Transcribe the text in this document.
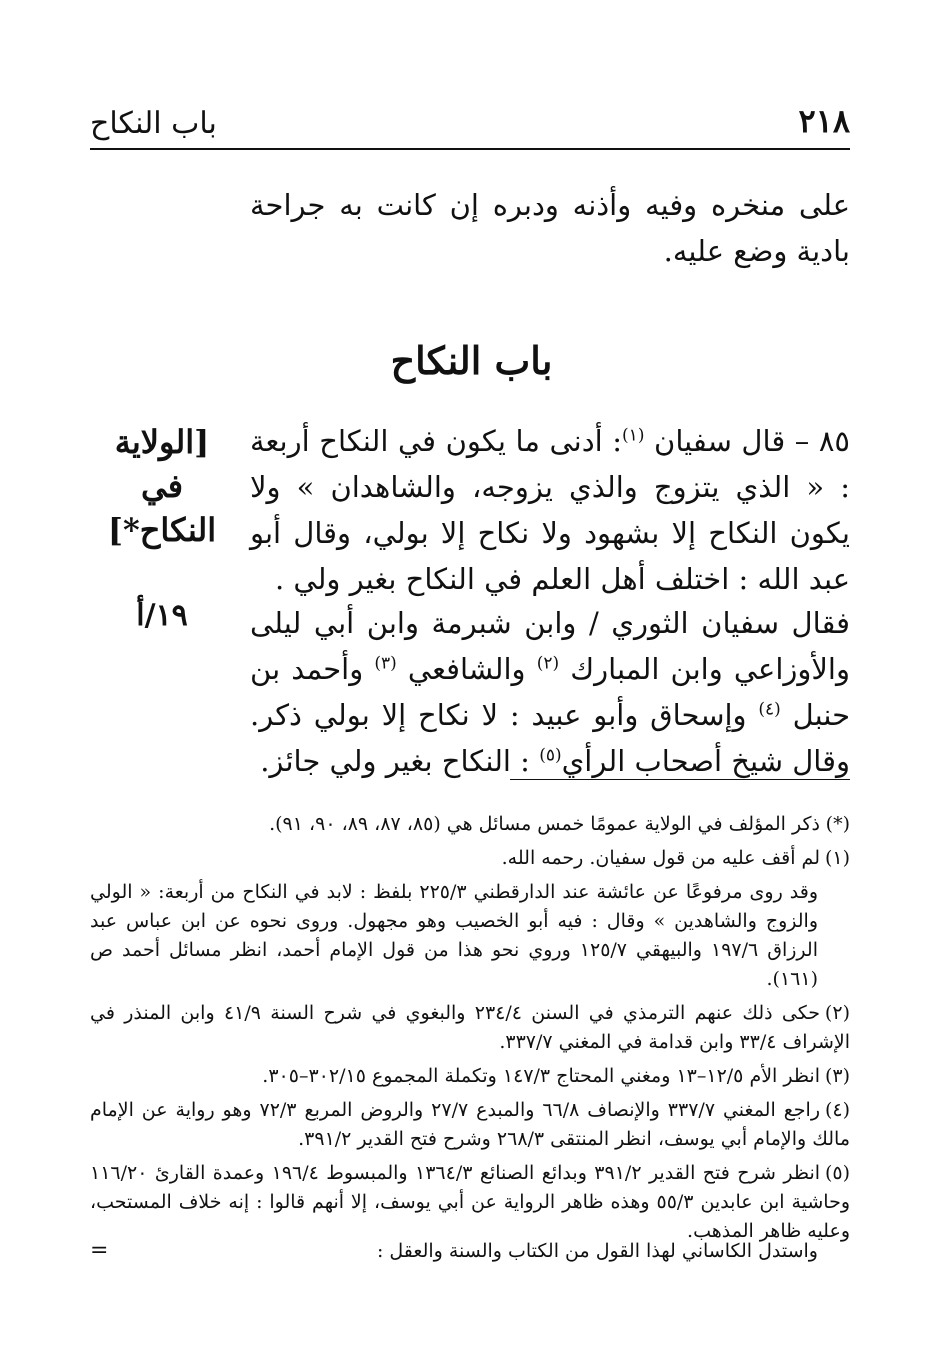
باب النكاح	٢١٨
على منخره وفيه وأذنه ودبره إن كانت به جراحة بادية وضع عليه.
باب النكاح
٨٥ – قال سفيان $^{(١)}$: أدنى ما يكون في النكاح أربعة : « الذي يتزوج والذي يزوجه، والشاهدان » ولا يكون النكاح إلا بشهود ولا نكاح إلا بولي، وقال أبو عبد الله : اختلف أهل العلم في النكاح بغير ولي .
[الولاية في
النكاح*]
فقال سفيان الثوري / وابن شبرمة وابن أبي ليلى والأوزاعي وابن المبارك $^{(٢)}$ والشافعي $^{(٣)}$ وأحمد بن حنبل $^{(٤)}$ وإسحاق وأبو عبيد : لا نكاح إلا بولي ذكر. وقال شيخ أصحاب الرأي$^{(٥)}$ : النكاح بغير ولي جائز.
١٩/أ

(*)ذكر المؤلف في الولاية عمومًا خمس مسائل هي (٨٥، ٨٧، ٨٩، ٩٠، ٩١).

(١)لم أقف عليه من قول سفيان. رحمه الله.

وقد روى مرفوعًا عن عائشة عند الدارقطني ٢٢٥/٣ بلفظ : لابد في النكاح من أربعة: « الولي والزوج والشاهدين » وقال : فيه أبو الخصيب وهو مجهول. وروى نحوه عن ابن عباس عبد الرزاق ١٩٧/٦ والبيهقي ١٢٥/٧ وروي نحو هذا من قول الإمام أحمد، انظر مسائل أحمد ص (١٦١).

(٢)حكى ذلك عنهم الترمذي في السنن ٢٣٤/٤ والبغوي في شرح السنة ٤١/٩ وابن المنذر في الإشراف ٣٣/٤ وابن قدامة في المغني ٣٣٧/٧.

(٣)انظر الأم ١٢/٥–١٣ ومغني المحتاج ١٤٧/٣ وتكملة المجموع ٣٠٢/١٥–٣٠٥.

(٤)راجع المغني ٣٣٧/٧ والإنصاف ٦٦/٨ والمبدع ٢٧/٧ والروض المربع ٧٢/٣ وهو رواية عن الإمام مالك والإمام أبي يوسف، انظر المنتقى ٢٦٨/٣ وشرح فتح القدير ٣٩١/٢.

(٥)انظر شرح فتح القدير ٣٩١/٢ وبدائع الصنائع ١٣٦٤/٣ والمبسوط ١٩٦/٤ وعمدة القارئ ١١٦/٢٠ وحاشية ابن عابدين ٥٥/٣ وهذه ظاهر الرواية عن أبي يوسف، إلا أنهم قالوا : إنه خلاف المستحب، وعليه ظاهر المذهب.

واستدل الكاساني لهذا القول من الكتاب والسنة والعقل :
=
